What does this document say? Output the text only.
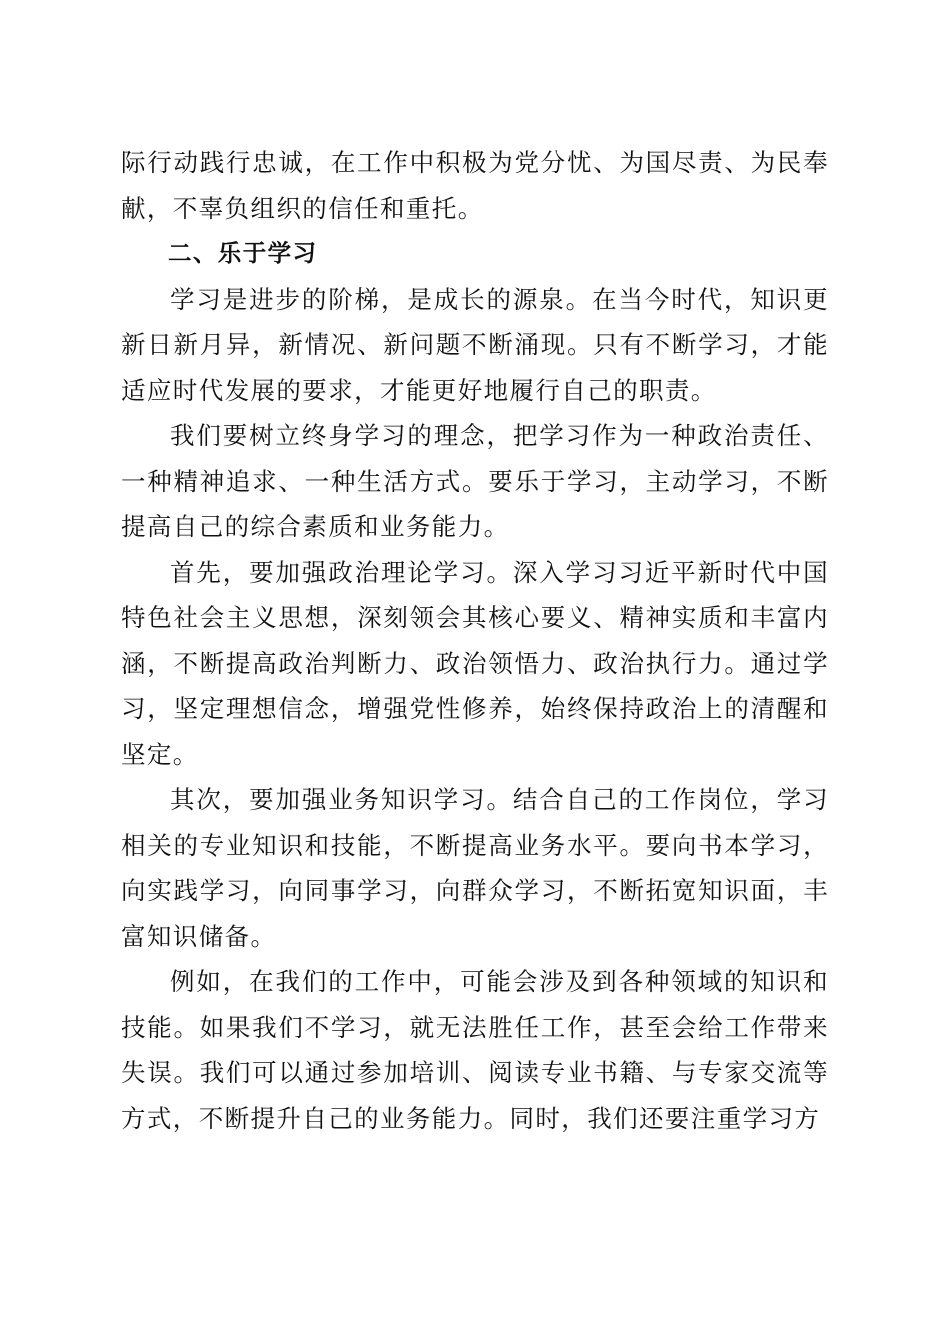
际行动践行忠诚，在工作中积极为党分忧、为国尽责、为民奉献，不辜负组织的信任和重托。

二、乐于学习

学习是进步的阶梯，是成长的源泉。在当今时代，知识更新日新月异，新情况、新问题不断涌现。只有不断学习，才能适应时代发展的要求，才能更好地履行自己的职责。

我们要树立终身学习的理念，把学习作为一种政治责任、一种精神追求、一种生活方式。要乐于学习，主动学习，不断提高自己的综合素质和业务能力。

首先，要加强政治理论学习。深入学习习近平新时代中国特色社会主义思想，深刻领会其核心要义、精神实质和丰富内涵，不断提高政治判断力、政治领悟力、政治执行力。通过学习，坚定理想信念，增强党性修养，始终保持政治上的清醒和坚定。

其次，要加强业务知识学习。结合自己的工作岗位，学习相关的专业知识和技能，不断提高业务水平。要向书本学习，向实践学习，向同事学习，向群众学习，不断拓宽知识面，丰富知识储备。

例如，在我们的工作中，可能会涉及到各种领域的知识和技能。如果我们不学习，就无法胜任工作，甚至会给工作带来失误。我们可以通过参加培训、阅读专业书籍、与专家交流等方式，不断提升自己的业务能力。同时，我们还要注重学习方
